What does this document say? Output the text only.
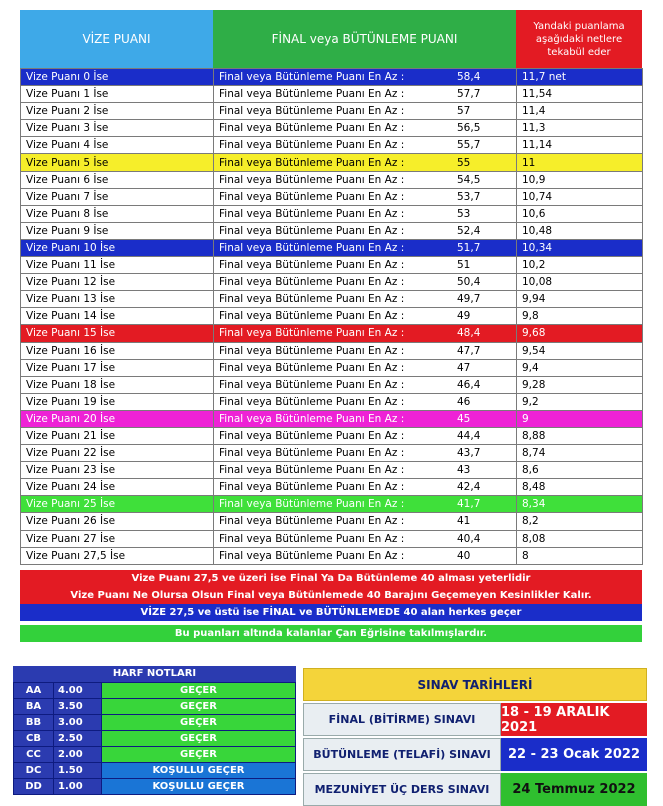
VİZE PUANI	FİNAL veya BÜTÜNLEME PUANI
Yandaki puanlama aşağıdaki netlere tekabül eder
Vize Puanı 0 İse	Final veya Bütünleme Puanı En Az : 58,4	11,7 net
Vize Puanı 1 İse	Final veya Bütünleme Puanı En Az : 57,7	11,54
Vize Puanı 2 İse	Final veya Bütünleme Puanı En Az : 57	11,4
Vize Puanı 3 İse	Final veya Bütünleme Puanı En Az : 56,5	11,3
Vize Puanı 4 İse	Final veya Bütünleme Puanı En Az : 55,7	11,14
Vize Puanı 5 İse	Final veya Bütünleme Puanı En Az : 55	11
Vize Puanı 6 İse	Final veya Bütünleme Puanı En Az : 54,5	10,9
Vize Puanı 7 İse	Final veya Bütünleme Puanı En Az : 53,7	10,74
Vize Puanı 8 İse	Final veya Bütünleme Puanı En Az : 53	10,6
Vize Puanı 9 İse	Final veya Bütünleme Puanı En Az : 52,4	10,48
Vize Puanı 10 İse	Final veya Bütünleme Puanı En Az : 51,7	10,34
Vize Puanı 11 İse	Final veya Bütünleme Puanı En Az : 51	10,2
Vize Puanı 12 İse	Final veya Bütünleme Puanı En Az : 50,4	10,08
Vize Puanı 13 İse	Final veya Bütünleme Puanı En Az : 49,7	9,94
Vize Puanı 14 İse	Final veya Bütünleme Puanı En Az : 49	9,8
Vize Puanı 15 İse	Final veya Bütünleme Puanı En Az : 48,4	9,68
Vize Puanı 16 İse	Final veya Bütünleme Puanı En Az : 47,7	9,54
Vize Puanı 17 İse	Final veya Bütünleme Puanı En Az : 47	9,4
Vize Puanı 18 İse	Final veya Bütünleme Puanı En Az : 46,4	9,28
Vize Puanı 19 İse	Final veya Bütünleme Puanı En Az : 46	9,2
Vize Puanı 20 İse	Final veya Bütünleme Puanı En Az : 45	9
Vize Puanı 21 İse	Final veya Bütünleme Puanı En Az : 44,4	8,88
Vize Puanı 22 İse	Final veya Bütünleme Puanı En Az : 43,7	8,74
Vize Puanı 23 İse	Final veya Bütünleme Puanı En Az : 43	8,6
Vize Puanı 24 İse	Final veya Bütünleme Puanı En Az : 42,4	8,48
Vize Puanı 25 İse	Final veya Bütünleme Puanı En Az : 41,7	8,34
Vize Puanı 26 İse	Final veya Bütünleme Puanı En Az : 41	8,2
Vize Puanı 27 İse	Final veya Bütünleme Puanı En Az : 40,4	8,08
Vize Puanı 27,5 İse	Final veya Bütünleme Puanı En Az : 40	8
Vize Puanı 27,5 ve üzeri ise Final Ya Da Bütünleme 40 alması yeterlidir
Vize Puanı Ne Olursa Olsun Final veya Bütünlemede 40 Barajını Geçemeyen Kesinlikler Kalır.
VİZE 27,5 ve üstü ise FİNAL ve BÜTÜNLEMEDE 40 alan herkes geçer
Bu puanları altında kalanlar Çan Eğrisine takılmışlardır.
HARF NOTLARI
AA	4.00	GEÇER
BA	3.50	GEÇER
BB	3.00	GEÇER
CB	2.50	GEÇER
CC	2.00	GEÇER
DC	1.50	KOŞULLU GEÇER
DD	1.00	KOŞULLU GEÇER
SINAV TARİHLERİ
FİNAL (BİTİRME) SINAVI	18 - 19 ARALIK 2021
BÜTÜNLEME (TELAFİ) SINAVI	22 - 23 Ocak 2022
MEZUNİYET ÜÇ DERS SINAVI	24 Temmuz 2022
